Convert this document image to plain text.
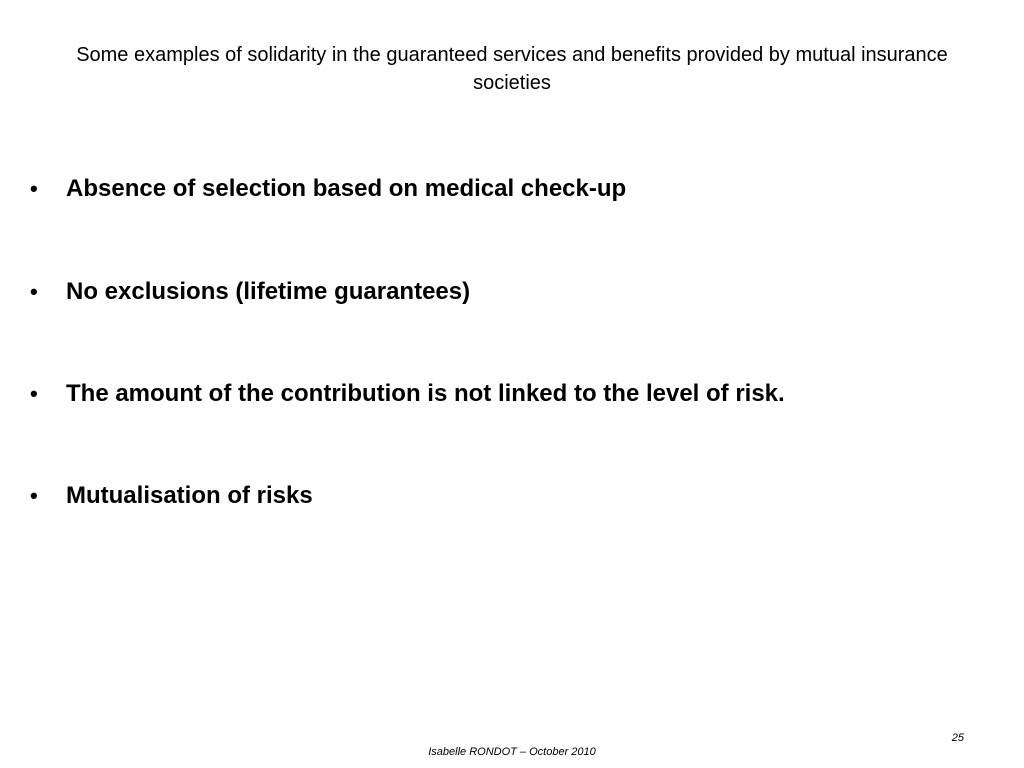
Some examples of solidarity in the guaranteed services and benefits provided by mutual insurance societies
•	Absence of selection based on medical check-up
•	No exclusions (lifetime guarantees)
•	The amount of the contribution is not linked to the level of risk.
•	Mutualisation of risks
25
Isabelle RONDOT – October 2010
